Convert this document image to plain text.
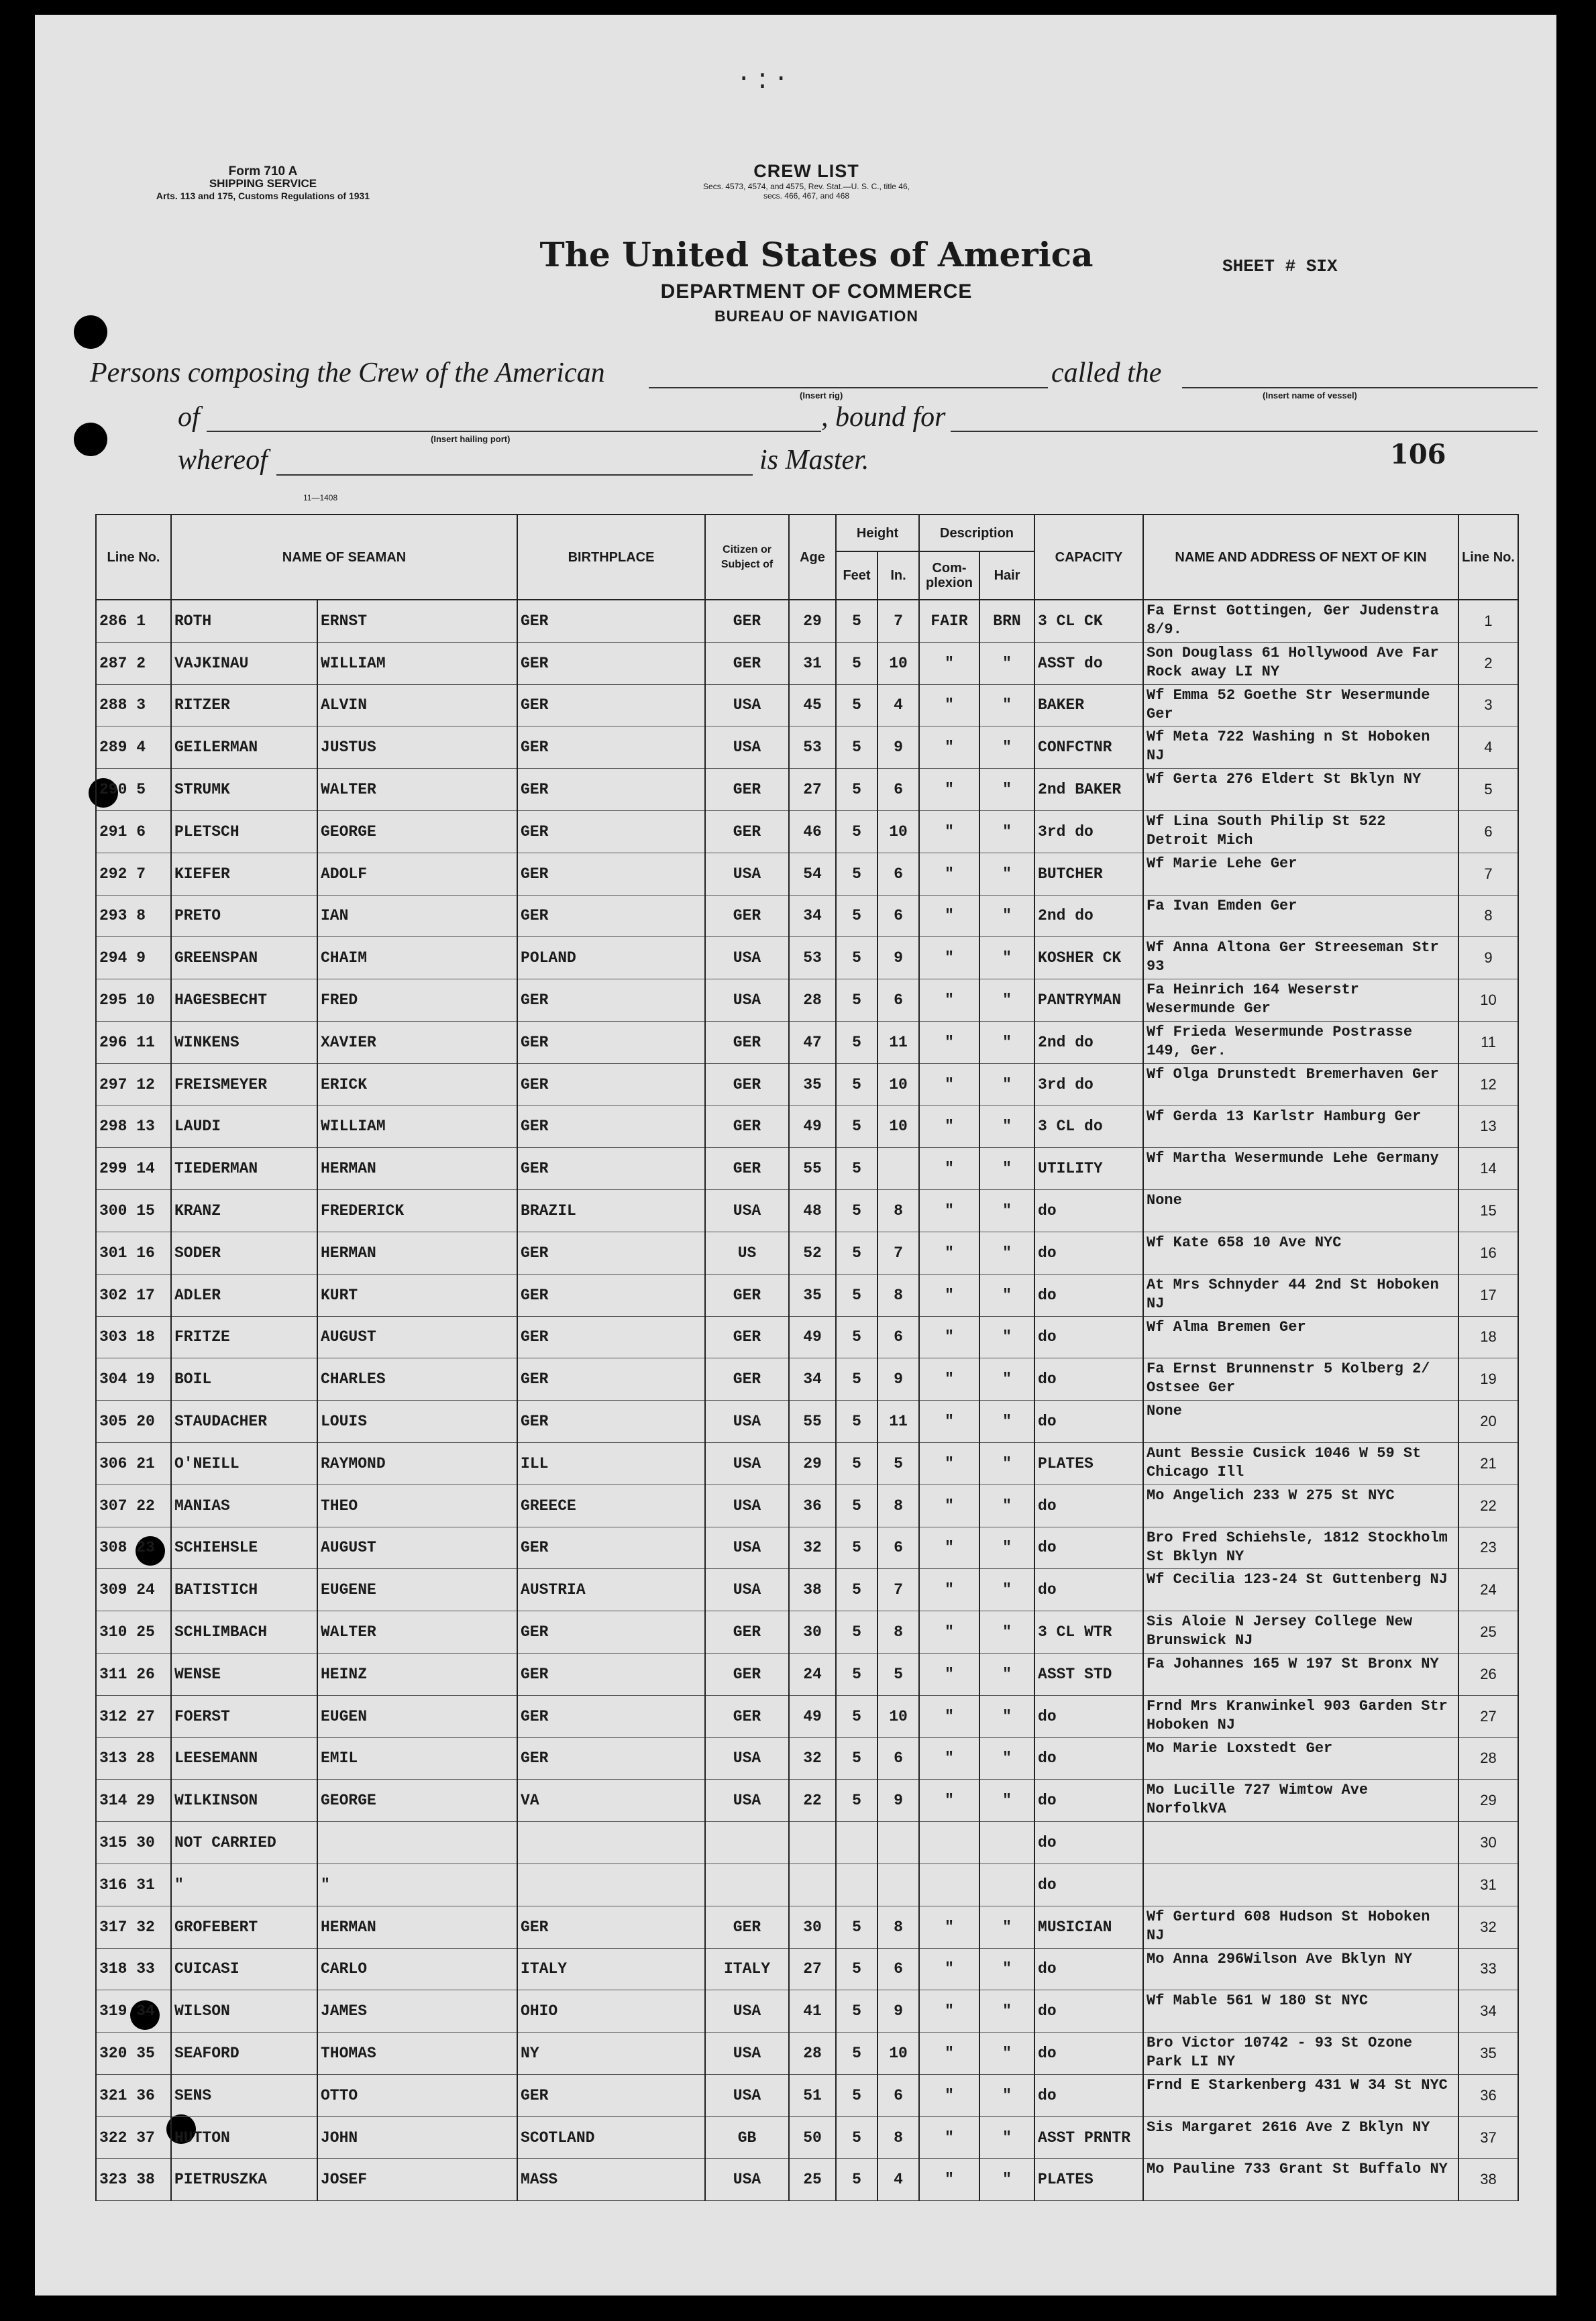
·:·
Form 710 A
SHIPPING SERVICE
Arts. 113 and 175, Customs Regulations of 1931
CREW LIST
Secs. 4573, 4574, and 4575, Rev. Stat.—U. S. C., title 46,
secs. 466, 467, and 468
The United States of America
DEPARTMENT OF COMMERCE
BUREAU OF NAVIGATION
SHEET # SIX
Persons composing the Crew of the American
(Insert rig)
called the
(Insert name of vessel)
of
(Insert hailing port)
, bound for
whereof	is Master.	106
11—1408
Line No.	NAME OF SEAMAN		BIRTHPLACE	Citizen or Subject of	Age	Height		Description		CAPACITY	NAME AND ADDRESS OF NEXT OF KIN	Line No.
						Feet	In.	Com-plexion	Hair			
286 1	ROTH	ERNST	GER	GER	29	5	7	FAIR	BRN	3 CL CK	Fa Ernst Gottingen, Ger Judenstra 8/9.	1
287 2	VAJKINAU	WILLIAM	GER	GER	31	5	10	"	"	ASST do	Son Douglass 61 Hollywood Ave Far Rock away LI NY	2
288 3	RITZER	ALVIN	GER	USA	45	5	4	"	"	BAKER	Wf Emma 52 Goethe Str Wesermunde Ger	3
289 4	GEILERMAN	JUSTUS	GER	USA	53	5	9	"	"	CONFCTNR	Wf Meta 722 Washing n St Hoboken NJ	4
290 5	STRUMK	WALTER	GER	GER	27	5	6	"	"	2nd BAKER	Wf Gerta 276 Eldert St Bklyn NY	5
291 6	PLETSCH	GEORGE	GER	GER	46	5	10	"	"	3rd do	Wf Lina South Philip St 522 Detroit Mich	6
292 7	KIEFER	ADOLF	GER	USA	54	5	6	"	"	BUTCHER	Wf Marie Lehe Ger	7
293 8	PRETO	IAN	GER	GER	34	5	6	"	"	2nd do	Fa Ivan Emden Ger	8
294 9	GREENSPAN	CHAIM	POLAND	USA	53	5	9	"	"	KOSHER CK	Wf Anna Altona Ger Streeseman Str 93	9
295 10	HAGESBECHT	FRED	GER	USA	28	5	6	"	"	PANTRYMAN	Fa Heinrich 164 Weserstr Wesermunde Ger	10
296 11	WINKENS	XAVIER	GER	GER	47	5	11	"	"	2nd do	Wf Frieda Wesermunde Postrasse 149, Ger.	11
297 12	FREISMEYER	ERICK	GER	GER	35	5	10	"	"	3rd do	Wf Olga Drunstedt Bremerhaven Ger	12
298 13	LAUDI	WILLIAM	GER	GER	49	5	10	"	"	3 CL do	Wf Gerda 13 Karlstr Hamburg Ger	13
299 14	TIEDERMAN	HERMAN	GER	GER	55	5		"	"	UTILITY	Wf Martha Wesermunde Lehe Germany	14
300 15	KRANZ	FREDERICK	BRAZIL	USA	48	5	8	"	"	do	None	15
301 16	SODER	HERMAN	GER	US	52	5	7	"	"	do	Wf Kate 658 10 Ave NYC	16
302 17	ADLER	KURT	GER	GER	35	5	8	"	"	do	At Mrs Schnyder 44 2nd St Hoboken NJ	17
303 18	FRITZE	AUGUST	GER	GER	49	5	6	"	"	do	Wf Alma Bremen Ger	18
304 19	BOIL	CHARLES	GER	GER	34	5	9	"	"	do	Fa Ernst Brunnenstr 5 Kolberg 2/ Ostsee Ger	19
305 20	STAUDACHER	LOUIS	GER	USA	55	5	11	"	"	do	None	20
306 21	O'NEILL	RAYMOND	ILL	USA	29	5	5	"	"	PLATES	Aunt Bessie Cusick 1046 W 59 St Chicago Ill	21
307 22	MANIAS	THEO	GREECE	USA	36	5	8	"	"	do	Mo Angelich 233 W 275 St NYC	22
308 23	SCHIEHSLE	AUGUST	GER	USA	32	5	6	"	"	do	Bro Fred Schiehsle, 1812 Stockholm St Bklyn NY	23
309 24	BATISTICH	EUGENE	AUSTRIA	USA	38	5	7	"	"	do	Wf Cecilia 123-24 St Guttenberg NJ	24
310 25	SCHLIMBACH	WALTER	GER	GER	30	5	8	"	"	3 CL WTR	Sis Aloie N Jersey College New Brunswick NJ	25
311 26	WENSE	HEINZ	GER	GER	24	5	5	"	"	ASST STD	Fa Johannes 165 W 197 St Bronx NY	26
312 27	FOERST	EUGEN	GER	GER	49	5	10	"	"	do	Frnd Mrs Kranwinkel 903 Garden Str Hoboken NJ	27
313 28	LEESEMANN	EMIL	GER	USA	32	5	6	"	"	do	Mo Marie Loxstedt Ger	28
314 29	WILKINSON	GEORGE	VA	USA	22	5	9	"	"	do	Mo Lucille 727 Wimtow Ave NorfolkVA	29
315 30	NOT CARRIED									do		30
316 31	"	"								do		31
317 32	GROFEBERT	HERMAN	GER	GER	30	5	8	"	"	MUSICIAN	Wf Gerturd 608 Hudson St Hoboken NJ	32
318 33	CUICASI	CARLO	ITALY	ITALY	27	5	6	"	"	do	Mo Anna 296Wilson Ave Bklyn NY	33
319 34	WILSON	JAMES	OHIO	USA	41	5	9	"	"	do	Wf Mable 561 W 180 St NYC	34
320 35	SEAFORD	THOMAS	NY	USA	28	5	10	"	"	do	Bro Victor 10742 - 93 St Ozone Park LI NY	35
321 36	SENS	OTTO	GER	USA	51	5	6	"	"	do	Frnd E Starkenberg 431 W 34 St NYC	36
322 37	HUTTON	JOHN	SCOTLAND	GB	50	5	8	"	"	ASST PRNTR	Sis Margaret 2616 Ave Z Bklyn NY	37
323 38	PIETRUSZKA	JOSEF	MASS	USA	25	5	4	"	"	PLATES	Mo Pauline 733 Grant St Buffalo NY	38
